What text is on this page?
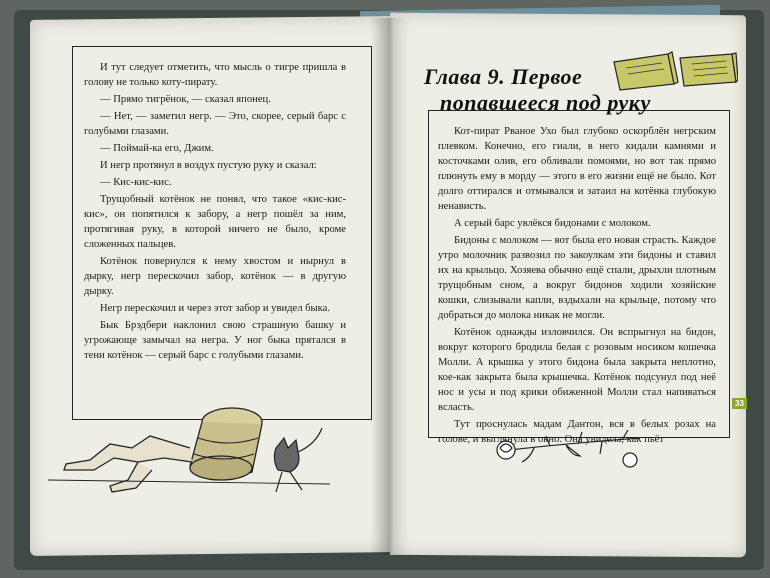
И тут следует отметить, что мысль о тигре пришла в голову не только коту-пирату.

— Прямо тигрёнок, — сказал японец.

— Нет, — заметил негр. — Это, скорее, серый барс с голубыми глазами.

— Поймай-ка его, Джим.

И негр протянул в воздух пустую руку и сказал:

— Кис-кис-кис.

Трущобный котёнок не понял, что такое «кис-кис-кис», он попятился к забору, а негр пошёл за ним, протягивая руку, в которой ничего не было, кроме сложенных пальцев.

Котёнок повернулся к нему хвостом и нырнул в дырку, негр перескочил забор, котёнок — в другую дырку.

Негр перескочил и через этот забор и увидел быка.

Бык Брэдбери наклонил свою страшную башку и угрожающе замычал на негра. У ног быка прятался в тени котёнок — серый барс с голубыми глазами.

Глава 9. Первое
попавшееся под руку

Кот-пират Рваное Ухо был глубоко оскорблён негрским плевком. Конечно, его гиали, в него кидали камнями и косточками олив, его обливали помоями, но вот так прямо плюнуть ему в морду — этого в его жизни ещё не было. Кот долго оттирался и отмывался и затаил на котёнка глубокую ненависть.

А серый барс увлёкся бидонами с молоком.

Бидоны с молоком — вот была его новая страсть. Каждое утро молочник развозил по закоулкам эти бидоны и ставил их на крыльцо. Хозяева обычно ещё спали, дрыхли плотным трущобным сном, а вокруг бидонов ходили хозяйские кошки, слизывали капли, вздыхали на крыльце, потому что добраться до молока никак не могли.

Котёнок однажды изловчился. Он вспрыгнул на бидон, вокруг которого бродила белая с розовым носиком кошечка Молли. А крышка у этого бидона была закрыта неплотно, кое-как закрыта была крышечка. Котёнок подсунул под неё нос и усы и под крики обиженной Молли стал напиваться всласть.

Тут проснулась мадам Дантон, вся в белых розах на голове, и выглянула в окно. Она увидела, как пьёт

33
